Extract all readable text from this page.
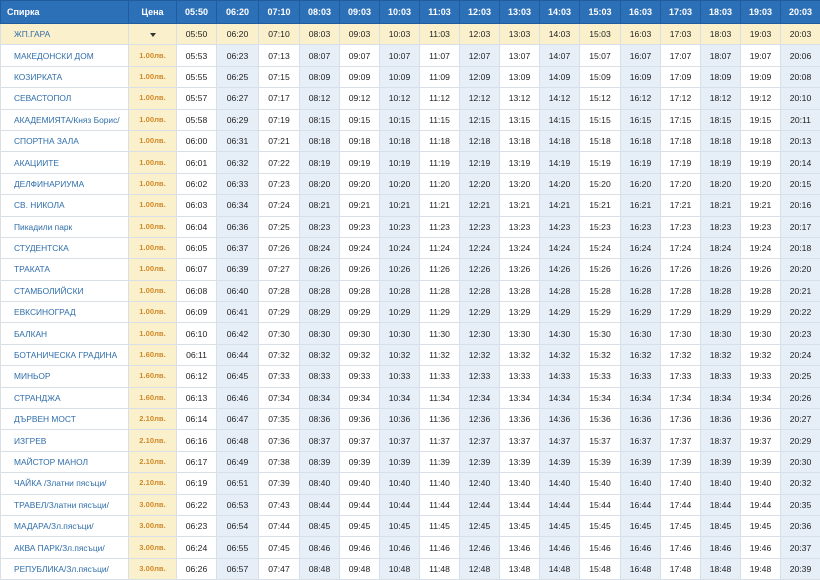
Спирка	Цена	05:50	06:20	07:10	08:03	09:03	10:03	11:03	12:03	13:03	14:03	15:03	16:03	17:03	18:03	19:03	20:03
ЖП.ГАРА		05:50	06:20	07:10	08:03	09:03	10:03	11:03	12:03	13:03	14:03	15:03	16:03	17:03	18:03	19:03	20:03
МАКЕДОНСКИ ДОМ	1.00лв.	05:53	06:23	07:13	08:07	09:07	10:07	11:07	12:07	13:07	14:07	15:07	16:07	17:07	18:07	19:07	20:06
КОЗИРКАТА	1.00лв.	05:55	06:25	07:15	08:09	09:09	10:09	11:09	12:09	13:09	14:09	15:09	16:09	17:09	18:09	19:09	20:08
СЕВАСТОПОЛ	1.00лв.	05:57	06:27	07:17	08:12	09:12	10:12	11:12	12:12	13:12	14:12	15:12	16:12	17:12	18:12	19:12	20:10
АКАДЕМИЯТА/Княз Борис/	1.00лв.	05:58	06:29	07:19	08:15	09:15	10:15	11:15	12:15	13:15	14:15	15:15	16:15	17:15	18:15	19:15	20:11
СПОРТНА ЗАЛА	1.00лв.	06:00	06:31	07:21	08:18	09:18	10:18	11:18	12:18	13:18	14:18	15:18	16:18	17:18	18:18	19:18	20:13
АКАЦИИТЕ	1.00лв.	06:01	06:32	07:22	08:19	09:19	10:19	11:19	12:19	13:19	14:19	15:19	16:19	17:19	18:19	19:19	20:14
ДЕЛФИНАРИУМА	1.00лв.	06:02	06:33	07:23	08:20	09:20	10:20	11:20	12:20	13:20	14:20	15:20	16:20	17:20	18:20	19:20	20:15
СВ. НИКОЛА	1.00лв.	06:03	06:34	07:24	08:21	09:21	10:21	11:21	12:21	13:21	14:21	15:21	16:21	17:21	18:21	19:21	20:16
Пикадили парк	1.00лв.	06:04	06:36	07:25	08:23	09:23	10:23	11:23	12:23	13:23	14:23	15:23	16:23	17:23	18:23	19:23	20:17
СТУДЕНТСКА	1.00лв.	06:05	06:37	07:26	08:24	09:24	10:24	11:24	12:24	13:24	14:24	15:24	16:24	17:24	18:24	19:24	20:18
ТРАКАТА	1.00лв.	06:07	06:39	07:27	08:26	09:26	10:26	11:26	12:26	13:26	14:26	15:26	16:26	17:26	18:26	19:26	20:20
СТАМБОЛИЙСКИ	1.00лв.	06:08	06:40	07:28	08:28	09:28	10:28	11:28	12:28	13:28	14:28	15:28	16:28	17:28	18:28	19:28	20:21
ЕВКСИНОГРАД	1.00лв.	06:09	06:41	07:29	08:29	09:29	10:29	11:29	12:29	13:29	14:29	15:29	16:29	17:29	18:29	19:29	20:22
БАЛКАН	1.00лв.	06:10	06:42	07:30	08:30	09:30	10:30	11:30	12:30	13:30	14:30	15:30	16:30	17:30	18:30	19:30	20:23
БОТАНИЧЕСКА ГРАДИНА	1.60лв.	06:11	06:44	07:32	08:32	09:32	10:32	11:32	12:32	13:32	14:32	15:32	16:32	17:32	18:32	19:32	20:24
МИНЬОР	1.60лв.	06:12	06:45	07:33	08:33	09:33	10:33	11:33	12:33	13:33	14:33	15:33	16:33	17:33	18:33	19:33	20:25
СТРАНДЖА	1.60лв.	06:13	06:46	07:34	08:34	09:34	10:34	11:34	12:34	13:34	14:34	15:34	16:34	17:34	18:34	19:34	20:26
ДЪРВЕН МОСТ	2.10лв.	06:14	06:47	07:35	08:36	09:36	10:36	11:36	12:36	13:36	14:36	15:36	16:36	17:36	18:36	19:36	20:27
ИЗГРЕВ	2.10лв.	06:16	06:48	07:36	08:37	09:37	10:37	11:37	12:37	13:37	14:37	15:37	16:37	17:37	18:37	19:37	20:29
МАЙСТОР МАНОЛ	2.10лв.	06:17	06:49	07:38	08:39	09:39	10:39	11:39	12:39	13:39	14:39	15:39	16:39	17:39	18:39	19:39	20:30
ЧАЙКА /Златни пясъци/	2.10лв.	06:19	06:51	07:39	08:40	09:40	10:40	11:40	12:40	13:40	14:40	15:40	16:40	17:40	18:40	19:40	20:32
ТРАВЕЛ/Златни пясъци/	3.00лв.	06:22	06:53	07:43	08:44	09:44	10:44	11:44	12:44	13:44	14:44	15:44	16:44	17:44	18:44	19:44	20:35
МАДАРА/Зл.пясъци/	3.00лв.	06:23	06:54	07:44	08:45	09:45	10:45	11:45	12:45	13:45	14:45	15:45	16:45	17:45	18:45	19:45	20:36
АКВА ПАРК/Зл.пясъци/	3.00лв.	06:24	06:55	07:45	08:46	09:46	10:46	11:46	12:46	13:46	14:46	15:46	16:46	17:46	18:46	19:46	20:37
РЕПУБЛИКА/Зл.пясъци/	3.00лв.	06:26	06:57	07:47	08:48	09:48	10:48	11:48	12:48	13:48	14:48	15:48	16:48	17:48	18:48	19:48	20:39
